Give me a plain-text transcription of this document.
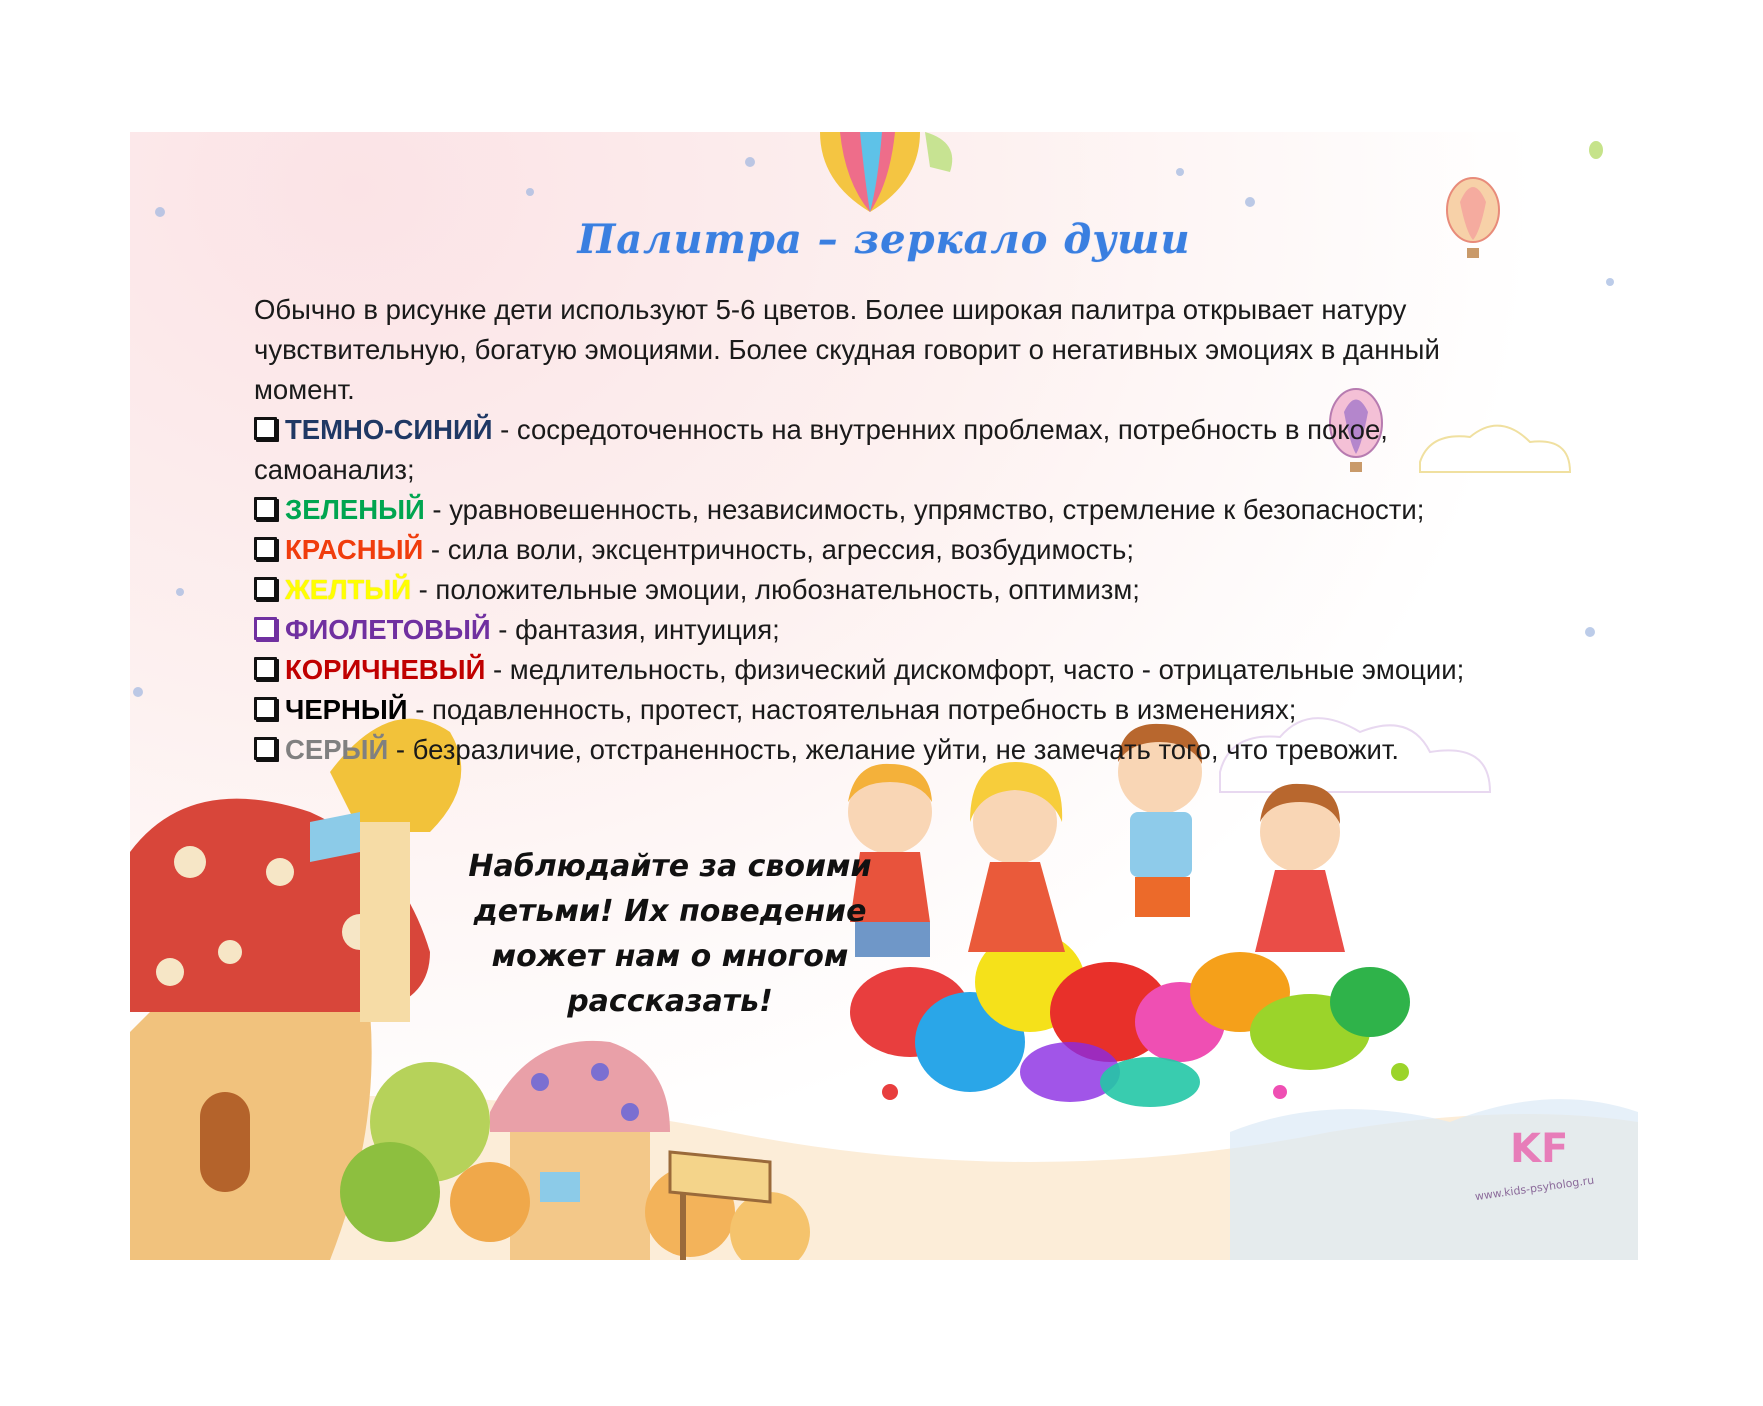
KF
www.kids-psyholog.ru
Палитра – зеркало души

Обычно в рисунке дети используют 5-6 цветов. Более широкая палитра открывает натуру чувствительную, богатую эмоциями. Более скудная говорит о негативных эмоциях в данный момент.

ТЕМНО-СИНИЙ - сосредоточенность на внутренних проблемах, потребность в покое, самоанализ;
ЗЕЛЕНЫЙ - уравновешенность, независимость, упрямство, стремление к безопасности;
КРАСНЫЙ - сила воли, эксцентричность, агрессия, возбудимость;
ЖЕЛТЫЙ - положительные эмоции, любознательность, оптимизм;
ФИОЛЕТОВЫЙ - фантазия, интуиция;
КОРИЧНЕВЫЙ - медлительность, физический дискомфорт, часто - отрицательные эмоции;
ЧЕРНЫЙ - подавленность, протест, настоятельная потребность в изменениях;
СЕРЫЙ - безразличие, отстраненность, желание уйти, не замечать того, что тревожит.
Наблюдайте за своими детьми! Их поведение может нам о многом рассказать!
